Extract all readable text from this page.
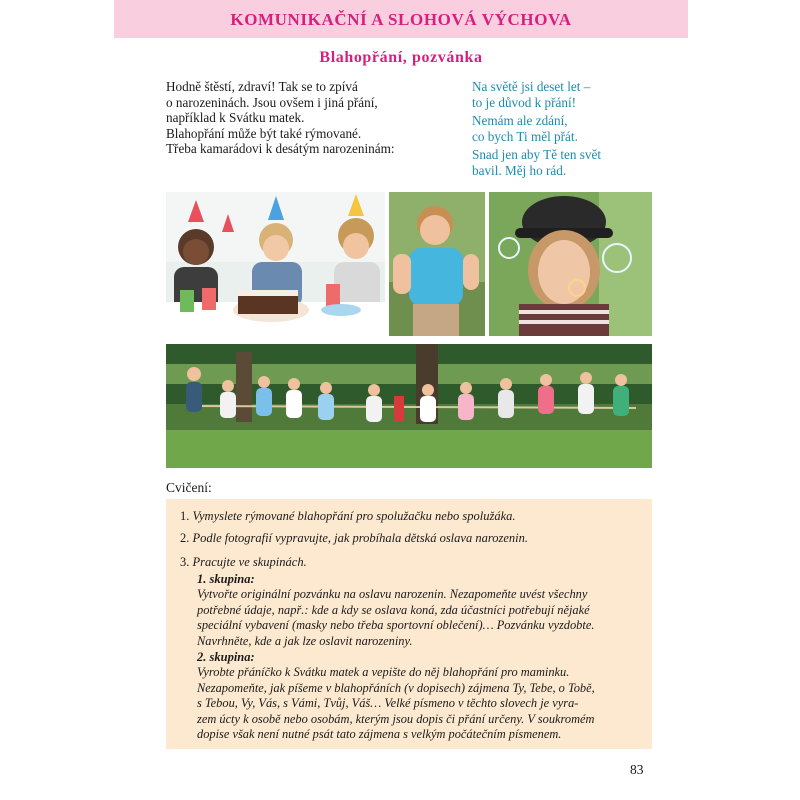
KOMUNIKAČNÍ A SLOHOVÁ VÝCHOVA
Blahopřání, pozvánka

Hodně štěstí, zdraví! Tak se to zpívá

o narozeninách. Jsou ovšem i jiná přání,

například k Svátku matek.

Blahopřání může být také rýmované.

Třeba kamarádovi k desátým narozeninám:

Na světě jsi deset let –
to je důvod k přání!

Nemám ale zdání,
co bych Ti měl přát.

Snad jen aby Tě ten svět
bavil. Měj ho rád.

Cvičení:
1. Vymyslete rýmované blahopřání pro spolužačku nebo spolužáka.
2. Podle fotografií vypravujte, jak probíhala dětská oslava narozenin.
3. Pracujte ve skupinách.
1. skupina:

Vytvořte originální pozvánku na oslavu narozenin. Nezapomeňte uvést všechny

potřebné údaje, např.: kde a kdy se oslava koná, zda účastníci potřebují nějaké

speciální vybavení (masky nebo třeba sportovní oblečení)… Pozvánku vyzdobte.

Navrhněte, kde a jak lze oslavit narozeniny.

2. skupina:

Vyrobte přáníčko k Svátku matek a vepište do něj blahopřání pro maminku.

Nezapomeňte, jak píšeme v blahopřáních (v dopisech) zájmena Ty, Tebe, o Tobě,

s Tebou, Vy, Vás, s Vámi, Tvůj, Váš… Velké písmeno v těchto slovech je vyra-

zem úcty k osobě nebo osobám, kterým jsou dopis či přání určeny. V soukromém

dopise však není nutné psát tato zájmena s velkým počátečním písmenem.

83
